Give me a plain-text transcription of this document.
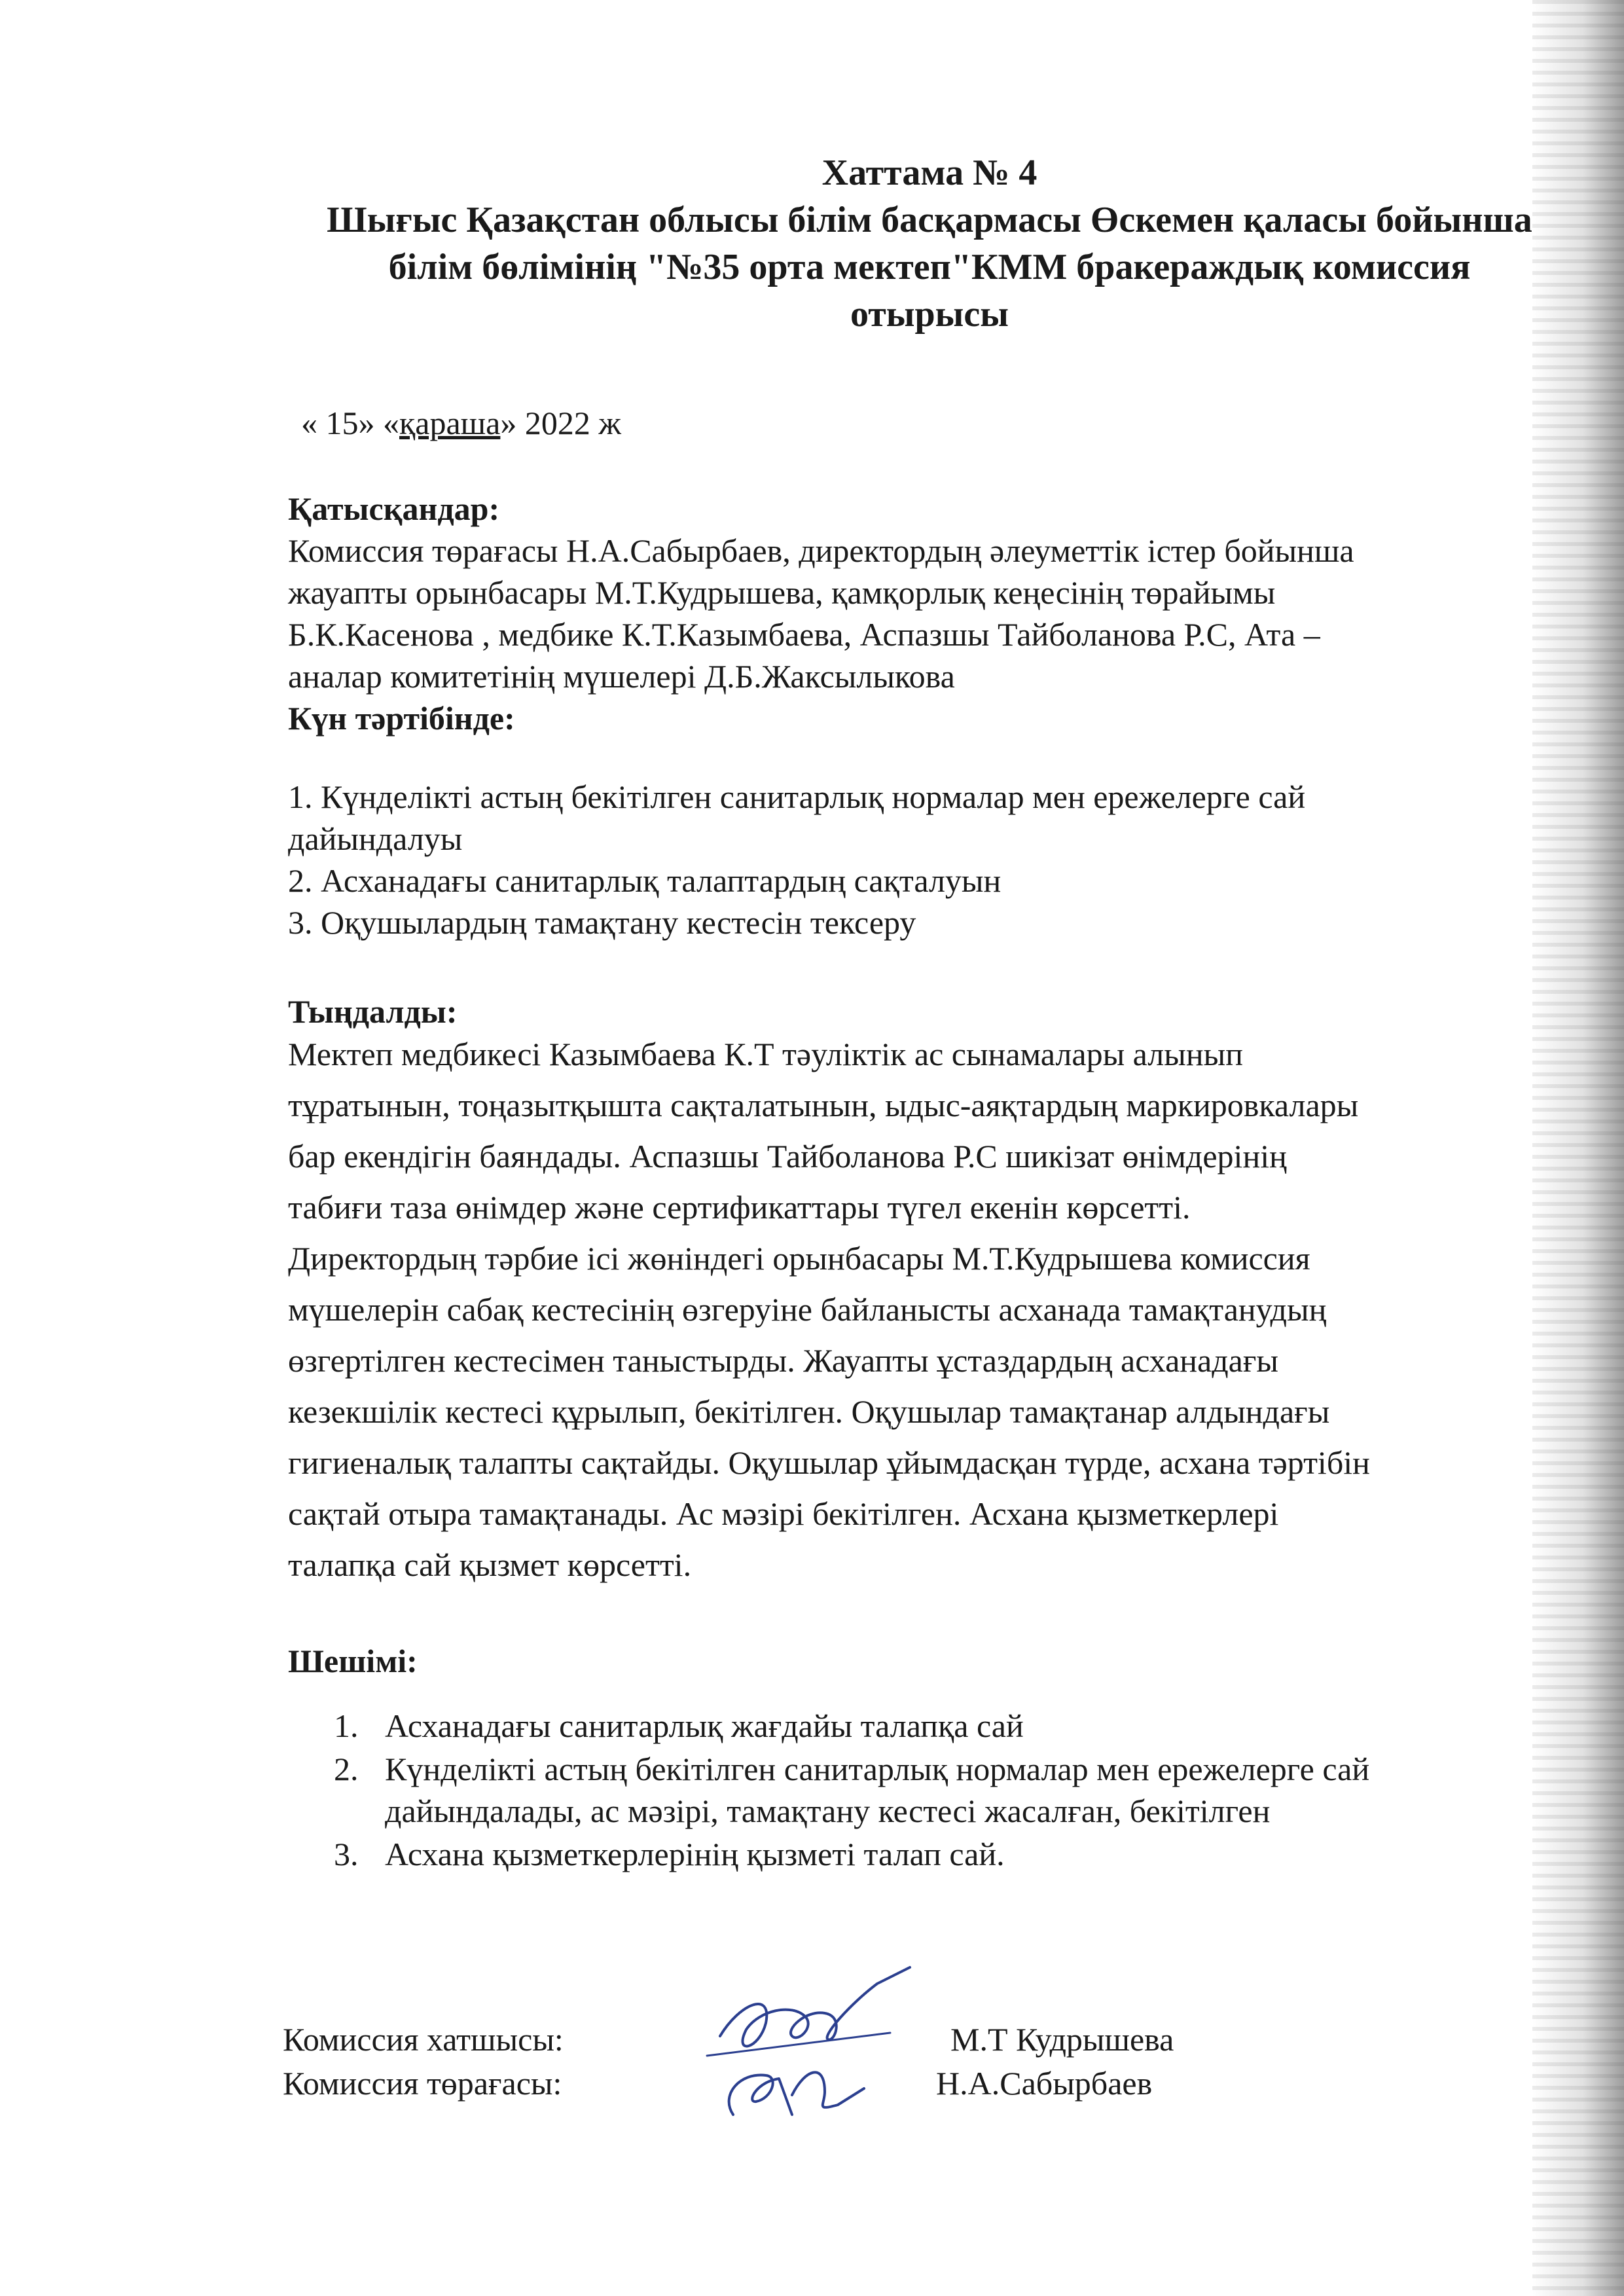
Хаттама № 4

Шығыс Қазақстан облысы білім басқармасы Өскемен қаласы бойынша

білім бөлімінің "№35 орта мектеп"КММ бракераждық комиссия

отырысы

« 15» «қараша» 2022 ж

Қатысқандар:

Комиссия төрағасы Н.А.Сабырбаев, директордың әлеуметтік істер бойынша

жауапты орынбасары М.Т.Кудрышева, қамқорлық кеңесінің төрайымы

Б.К.Касенова , медбике К.Т.Казымбаева, Аспазшы Тайболанова Р.С, Ата –

аналар комитетінің мүшелері Д.Б.Жаксылыкова

Күн тәртібінде:

1. Күнделікті астың бекітілген санитарлық нормалар мен ережелерге сай

дайындалуы

2. Асханадағы санитарлық талаптардың сақталуын

3. Оқушылардың тамақтану кестесін тексеру

Тыңдалды:

Мектеп медбикесі Казымбаева К.Т тәуліктік ас сынамалары алынып

тұратынын, тоңазытқышта сақталатынын, ыдыс-аяқтардың маркировкалары

бар екендігін баяндады. Аспазшы Тайболанова Р.С шикізат өнімдерінің

табиғи таза өнімдер және сертификаттары түгел екенін көрсетті.

Директордың тәрбие ісі жөніндегі орынбасары М.Т.Кудрышева комиссия

мүшелерін сабақ кестесінің өзгеруіне байланысты асханада тамақтанудың

өзгертілген кестесімен таныстырды. Жауапты ұстаздардың асханадағы

кезекшілік кестесі құрылып, бекітілген. Оқушылар тамақтанар алдындағы

гигиеналық талапты сақтайды. Оқушылар ұйымдасқан түрде, асхана тәртібін

сақтай отыра тамақтанады. Ас мәзірі бекітілген. Асхана қызметкерлері

талапқа сай қызмет көрсетті.

Шешімі:

1. Асханадағы санитарлық жағдайы талапқа сай
2. Күнделікті астың бекітілген санитарлық нормалар мен ережелерге сай
дайындалады, ас мәзірі, тамақтану кестесі жасалған, бекітілген
3. Асхана қызметкерлерінің қызметі талап сай.
Комиссия хатшысы:	М.Т Кудрышева
Комиссия төрағасы:	Н.А.Сабырбаев
